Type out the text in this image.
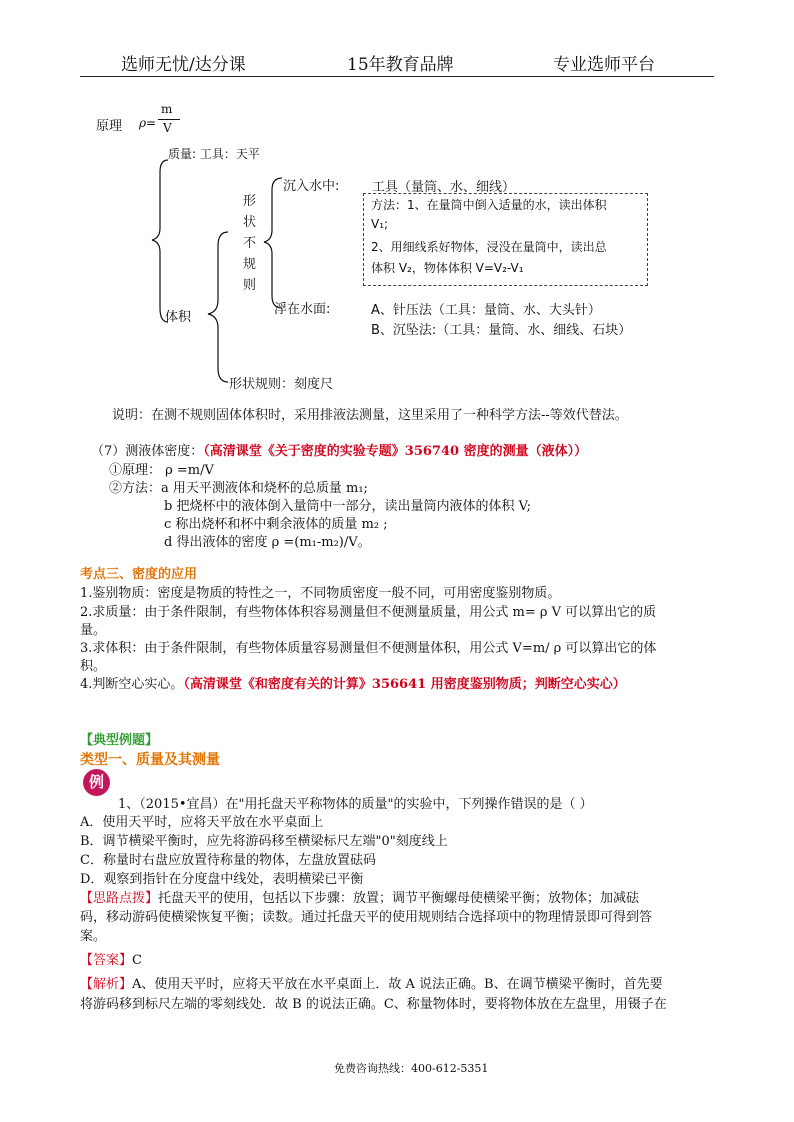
选师无忧/达分课	15年教育品牌	专业选师平台
原理 ρ=
m
V
质量: 工具：天平
体积
形
状
不
规
则
沉入水中:	工具（量筒、水、细线）
方法：1、在量筒中倒入适量的水，读出体积
V₁;
2、用细线系好物体，浸没在量筒中，读出总
体积 V₂，物体体积 V=V₂-V₁
浮在水面:	A、针压法（工具：量筒、水、大头针）
B、沉坠法:（工具：量筒、水、细线、石块）
形状规则：刻度尺
说明：在测不规则固体体积时，采用排液法测量，这里采用了一种科学方法--等效代替法。
（7）测液体密度：（高清课堂《关于密度的实验专题》356740 密度的测量（液体））
①原理： ρ =m/V
②方法：a 用天平测液体和烧杯的总质量 m₁;
b 把烧杯中的液体倒入量筒中一部分，读出量筒内液体的体积 V;
c 称出烧杯和杯中剩余液体的质量 m₂ ;
d 得出液体的密度 ρ =(m₁-m₂)/V。
考点三、密度的应用
1.鉴别物质：密度是物质的特性之一，不同物质密度一般不同，可用密度鉴别物质。
2.求质量：由于条件限制，有些物体体积容易测量但不便测量质量，用公式 m= ρ V 可以算出它的质
量。
3.求体积：由于条件限制，有些物体质量容易测量但不便测量体积，用公式 V=m/ ρ 可以算出它的体
积。
4.判断空心实心。（高清课堂《和密度有关的计算》356641 用密度鉴别物质；判断空心实心）
【典型例题】
类型一、质量及其测量
例
1、（2015•宜昌）在"用托盘天平称物体的质量"的实验中，下列操作错误的是（ ）
A．使用天平时，应将天平放在水平桌面上
B．调节横梁平衡时，应先将游码移至横梁标尺左端"0"刻度线上
C．称量时右盘应放置待称量的物体，左盘放置砝码
D．观察到指针在分度盘中线处，表明横梁已平衡
【思路点拨】托盘天平的使用，包括以下步骤：放置；调节平衡螺母使横梁平衡；放物体；加减砝
码，移动游码使横梁恢复平衡；读数。通过托盘天平的使用规则结合选择项中的物理情景即可得到答
案。
【答案】C
【解析】A、使用天平时，应将天平放在水平桌面上．故 A 说法正确。B、在调节横梁平衡时，首先要
将游码移到标尺左端的零刻线处．故 B 的说法正确。C、称量物体时，要将物体放在左盘里，用镊子在
免费咨询热线：400-612-5351
